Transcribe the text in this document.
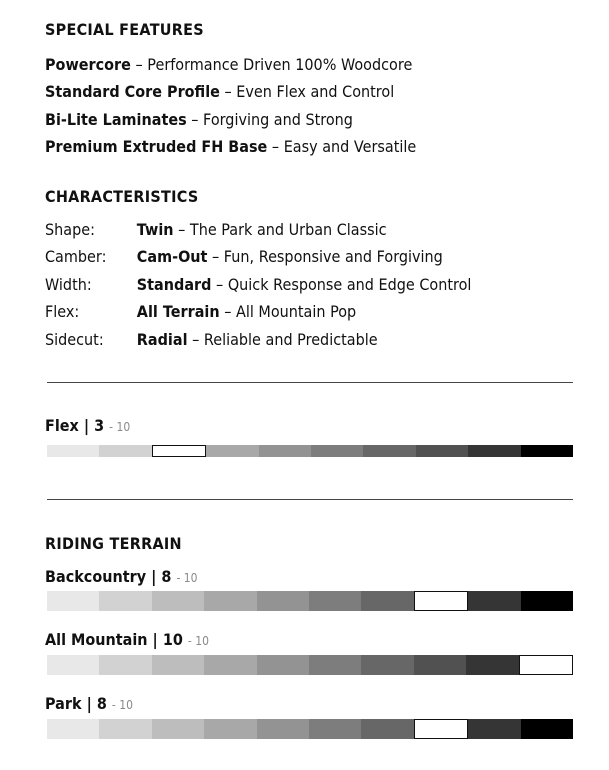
SPECIAL FEATURES
Powercore – Performance Driven 100% Woodcore
Standard Core Profile – Even Flex and Control
Bi-Lite Laminates – Forgiving and Strong
Premium Extruded FH Base – Easy and Versatile
CHARACTERISTICS
Shape:	Twin – The Park and Urban Classic
Camber: Cam-Out – Fun, Responsive and Forgiving
Width:	Standard – Quick Response and Edge Control
Flex:	All Terrain – All Mountain Pop
Sidecut: Radial – Reliable and Predictable
Flex | 3 - 10
RIDING TERRAIN
Backcountry | 8 - 10
All Mountain | 10 - 10
Park | 8 - 10
